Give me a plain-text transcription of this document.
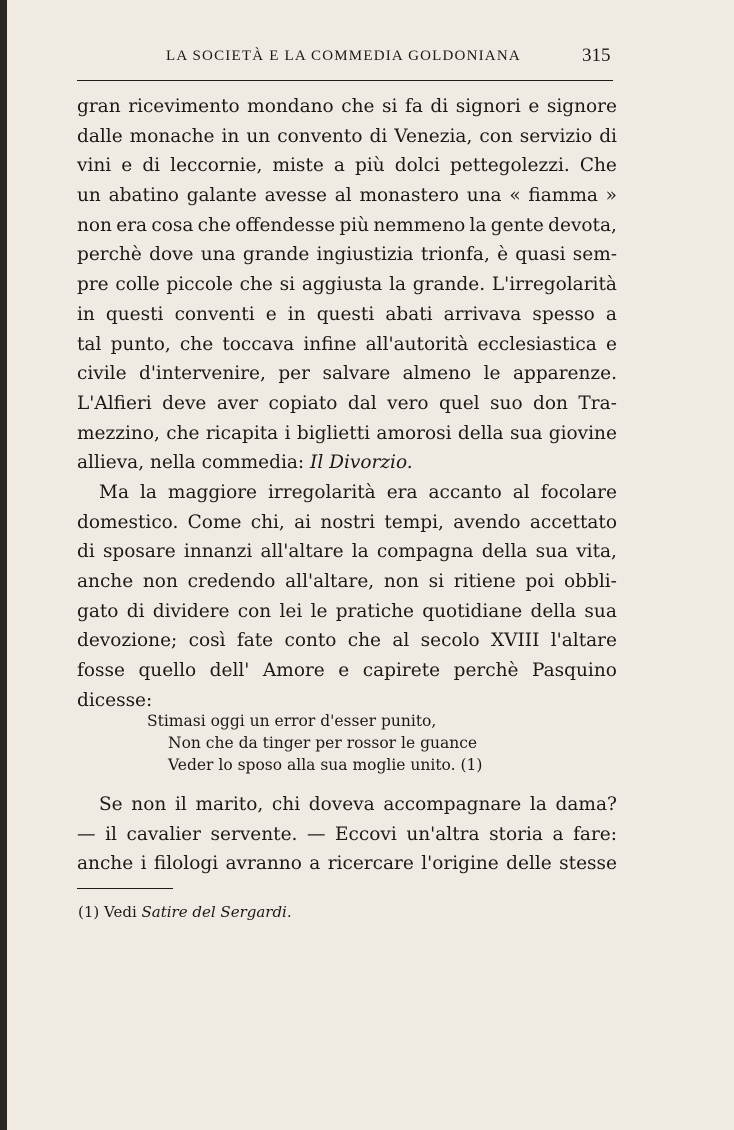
LA SOCIETÀ E LA COMMEDIA GOLDONIANA	315
gran ricevimento mondano che si fa di signori e signore
dalle monache in un convento di Venezia, con servizio di
vini e di leccornie, miste a più dolci pettegolezzi. Che
un abatino galante avesse al monastero una « fiamma »
non era cosa che offendesse più nemmeno la gente devota,
perchè dove una grande ingiustizia trionfa, è quasi sem-
pre colle piccole che si aggiusta la grande. L'irregolarità
in questi conventi e in questi abati arrivava spesso a
tal punto, che toccava infine all'autorità ecclesiastica e
civile d'intervenire, per salvare almeno le apparenze.
L'Alfieri deve aver copiato dal vero quel suo don Tra-
mezzino, che ricapita i biglietti amorosi della sua giovine
allieva, nella commedia: Il Divorzio.
Ma la maggiore irregolarità era accanto al focolare
domestico. Come chi, ai nostri tempi, avendo accettato
di sposare innanzi all'altare la compagna della sua vita,
anche non credendo all'altare, non si ritiene poi obbli-
gato di dividere con lei le pratiche quotidiane della sua
devozione; così fate conto che al secolo XVIII l'altare
fosse quello dell' Amore e capirete perchè Pasquino
dicesse:
Stimasi oggi un error d'esser punito,
Non che da tinger per rossor le guance
Veder lo sposo alla sua moglie unito. (1)
Se non il marito, chi doveva accompagnare la dama?
— il cavalier servente. — Eccovi un'altra storia a fare:
anche i filologi avranno a ricercare l'origine delle stesse
(1) Vedi Satire del Sergardi.
